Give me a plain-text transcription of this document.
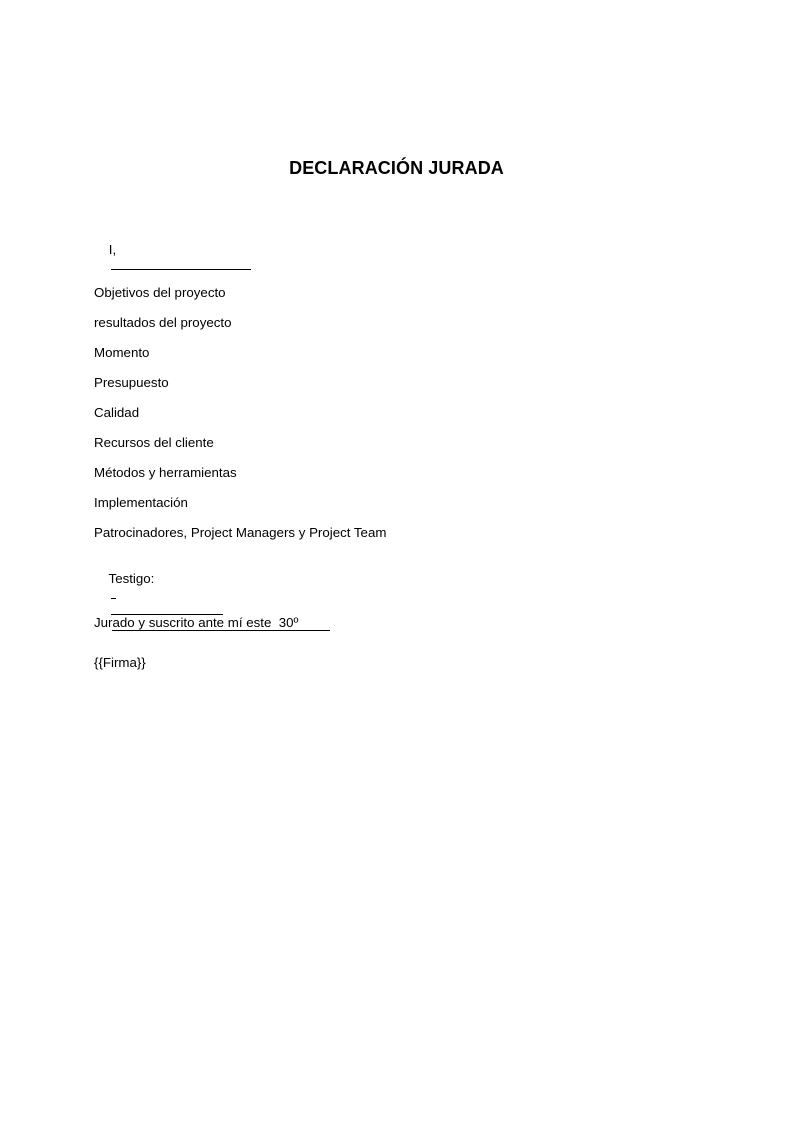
DECLARACIÓN JURADA

I,

Objetivos del proyecto
resultados del proyecto
Momento
Presupuesto
Calidad
Recursos del cliente
Métodos y herramientas
Implementación
Patrocinadores, Project Managers y Project Team

Testigo:

Jurado y suscrito ante mí este  30º
{{Firma}}
